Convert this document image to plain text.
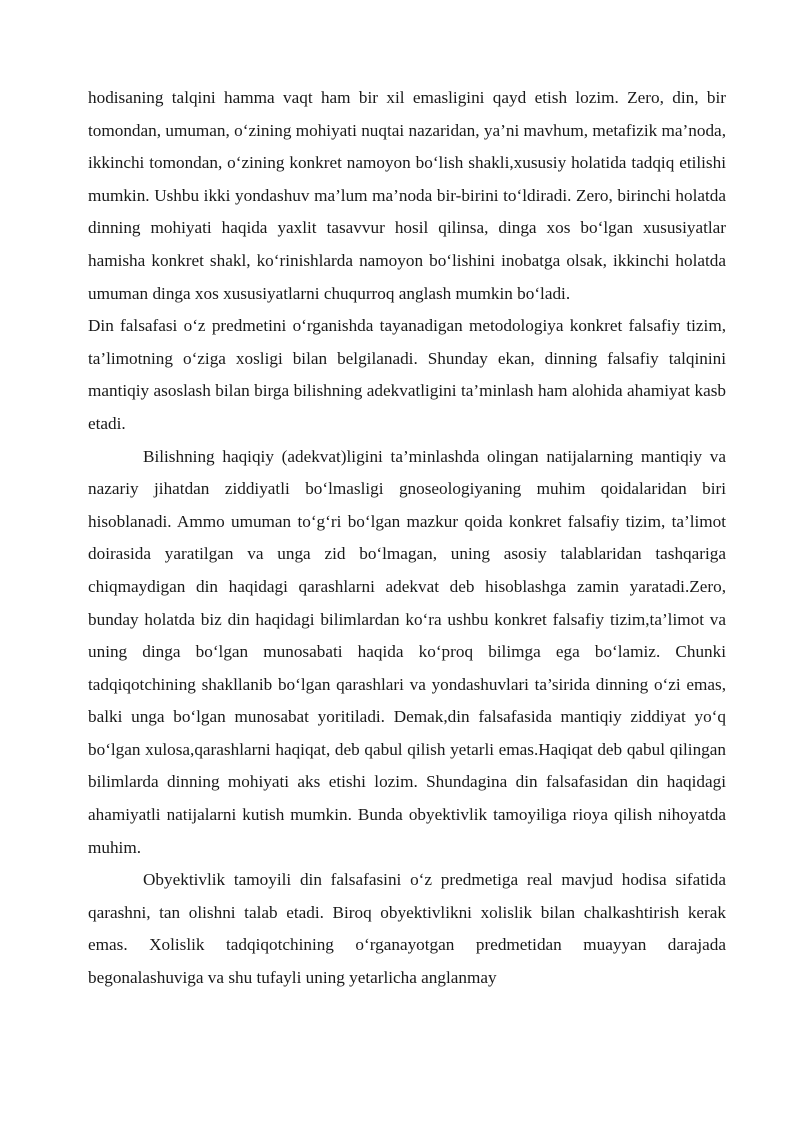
hodisaning talqini hamma vaqt ham bir xil emasligini qayd etish lozim. Zero, din, bir tomondan, umuman, o‘zining mohiyati nuqtai nazaridan, ya’ni mavhum, metafizik ma’noda, ikkinchi tomondan, o‘zining konkret namoyon bo‘lish shakli,xususiy holatida tadqiq etilishi mumkin. Ushbu ikki yondashuv ma’lum ma’noda bir-birini to‘ldiradi. Zero, birinchi holatda dinning mohiyati haqida yaxlit tasavvur hosil qilinsa, dinga xos bo‘lgan xususiyatlar hamisha konkret shakl, ko‘rinishlarda namoyon bo‘lishini inobatga olsak, ikkinchi holatda umuman dinga xos xususiyatlarni chuqurroq anglash mumkin bo‘ladi.

Din falsafasi o‘z predmetini o‘rganishda tayanadigan metodologiya konkret falsafiy tizim, ta’limotning o‘ziga xosligi bilan belgilanadi. Shunday ekan, dinning falsafiy talqinini mantiqiy asoslash bilan birga bilishning adekvatligini ta’minlash ham alohida ahamiyat kasb etadi.

Bilishning haqiqiy (adekvat)ligini ta’minlashda olingan natijalarning mantiqiy va nazariy jihatdan ziddiyatli bo‘lmasligi gnoseologiyaning muhim qoidalaridan biri hisoblanadi. Ammo umuman to‘g‘ri bo‘lgan mazkur qoida konkret falsafiy tizim, ta’limot doirasida yaratilgan va unga zid bo‘lmagan, uning asosiy talablaridan tashqariga chiqmaydigan din haqidagi qarashlarni adekvat deb hisoblashga zamin yaratadi.Zero, bunday holatda biz din haqidagi bilimlardan ko‘ra ushbu konkret falsafiy tizim,ta’limot va uning dinga bo‘lgan munosabati haqida ko‘proq bilimga ega bo‘lamiz. Chunki tadqiqotchining shakllanib bo‘lgan qarashlari va yondashuvlari ta’sirida dinning o‘zi emas, balki unga bo‘lgan munosabat yoritiladi. Demak,din falsafasida mantiqiy ziddiyat yo‘q bo‘lgan xulosa,qarashlarni haqiqat, deb qabul qilish yetarli emas.Haqiqat deb qabul qilingan bilimlarda dinning mohiyati aks etishi lozim. Shundagina din falsafasidan din haqidagi ahamiyatli natijalarni kutish mumkin. Bunda obyektivlik tamoyiliga rioya qilish nihoyatda muhim.

Obyektivlik tamoyili din falsafasini o‘z predmetiga real mavjud hodisa sifatida qarashni, tan olishni talab etadi. Biroq obyektivlikni xolislik bilan chalkashtirish kerak emas. Xolislik tadqiqotchining o‘rganayotgan predmetidan muayyan darajada begonalashuviga va shu tufayli uning yetarlicha anglanmay
